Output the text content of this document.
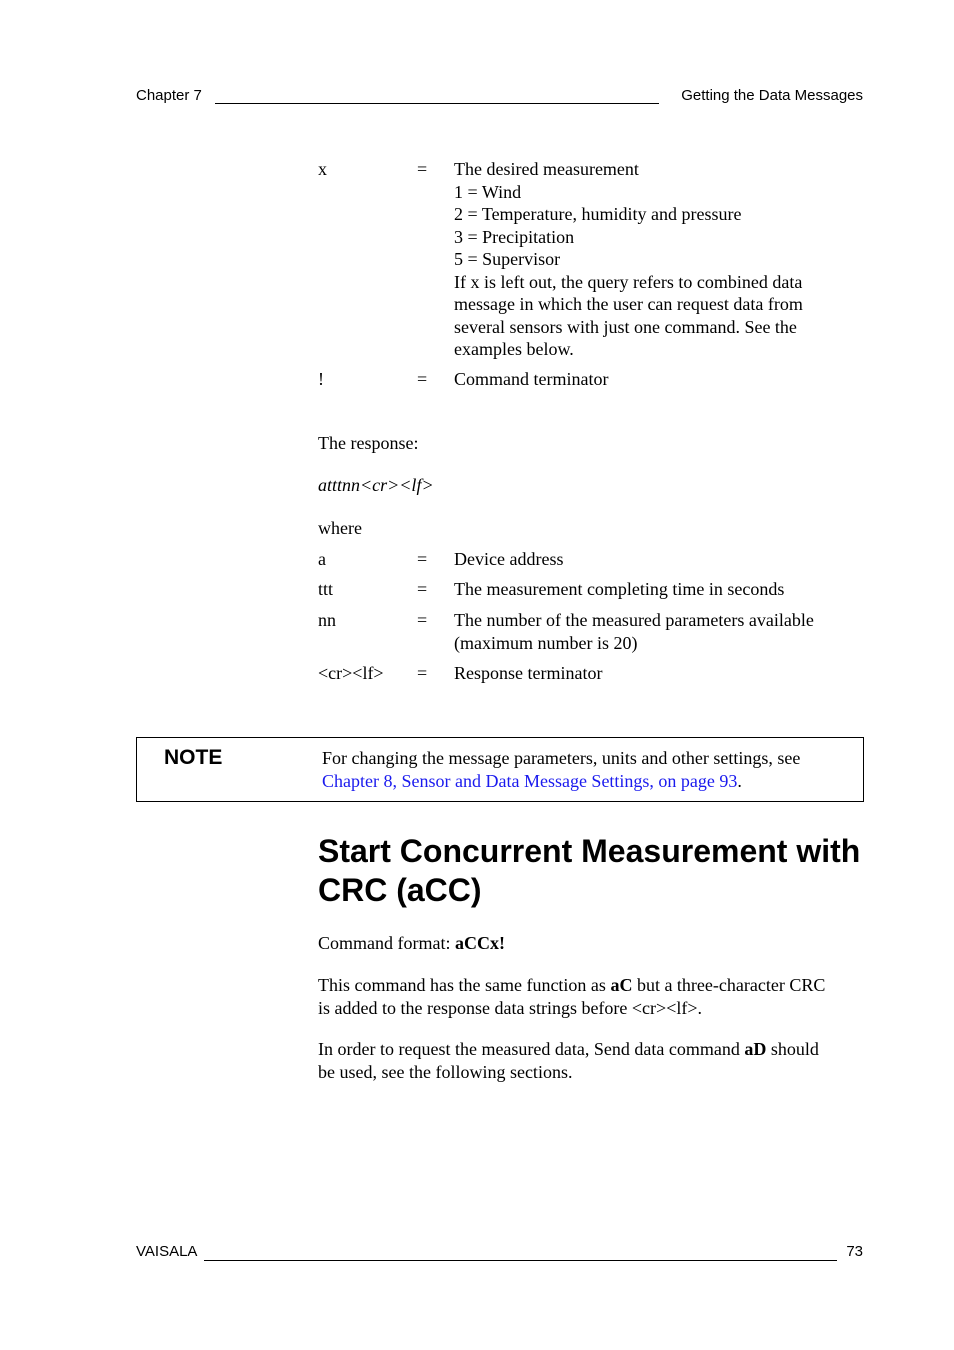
Chapter 7	Getting the Data Messages
x	= The desired measurement
1 = Wind
2 = Temperature, humidity and pressure
3 = Precipitation
5 = Supervisor
If x is left out, the query refers to combined data
message in which the user can request data from
several sensors with just one command. See the
examples below.
!	= Command terminator
The response:
atttnn<cr><lf>
where
a	= Device address
ttt	= The measurement completing time in seconds
nn	= The number of the measured parameters available
(maximum number is 20)
<cr><lf> = Response terminator
NOTE	For changing the message parameters, units and other settings, see
Chapter 8, Sensor and Data Message Settings, on page 93.
Start Concurrent Measurement with
CRC (aCC)
Command format: aCCx!
This command has the same function as aC but a three-character CRC
is added to the response data strings before <cr><lf>.
In order to request the measured data, Send data command aD should
be used, see the following sections.
VAISALA	73
